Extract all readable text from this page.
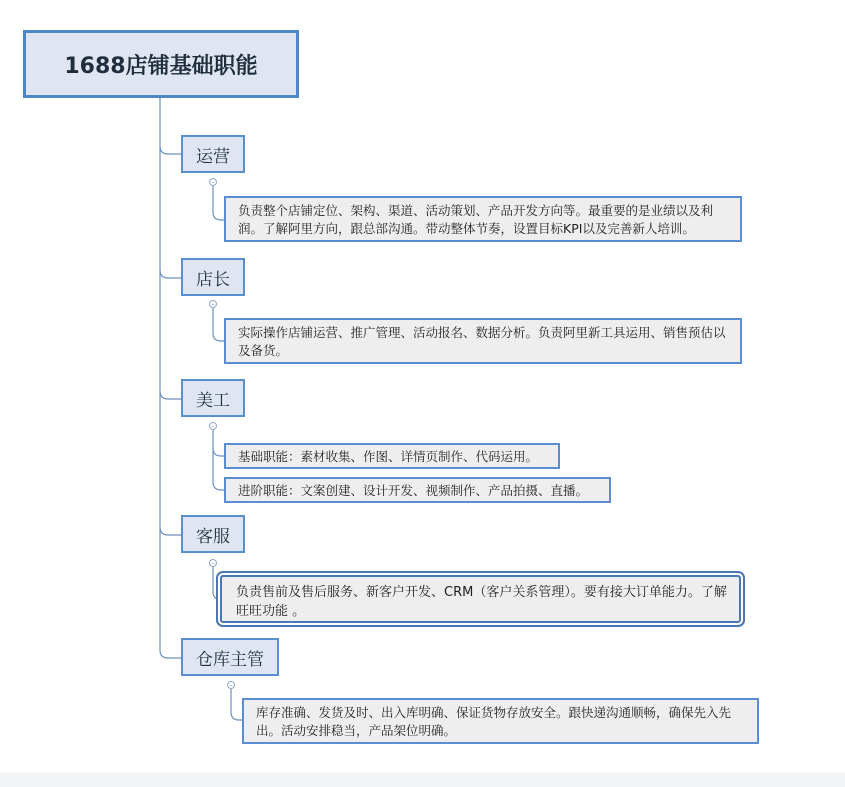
1688店铺基础职能
运营
–
负责整个店铺定位、架构、渠道、活动策划、产品开发方向等。最重要的是业绩以及利润。了解阿里方向，跟总部沟通。带动整体节奏，设置目标KPI以及完善新人培训。
店长
–
实际操作店铺运营、推广管理、活动报名、数据分析。负责阿里新工具运用、销售预估以及备货。
美工
–
基础职能：素材收集、作图、详情页制作、代码运用。
进阶职能：文案创建、设计开发、视频制作、产品拍摄、直播。
客服
–
负责售前及售后服务、新客户开发、CRM（客户关系管理）。要有接大订单能力。了解旺旺功能 。
仓库主管
–
库存准确、发货及时、出入库明确、保证货物存放安全。跟快递沟通顺畅，确保先入先出。活动安排稳当，产品架位明确。
